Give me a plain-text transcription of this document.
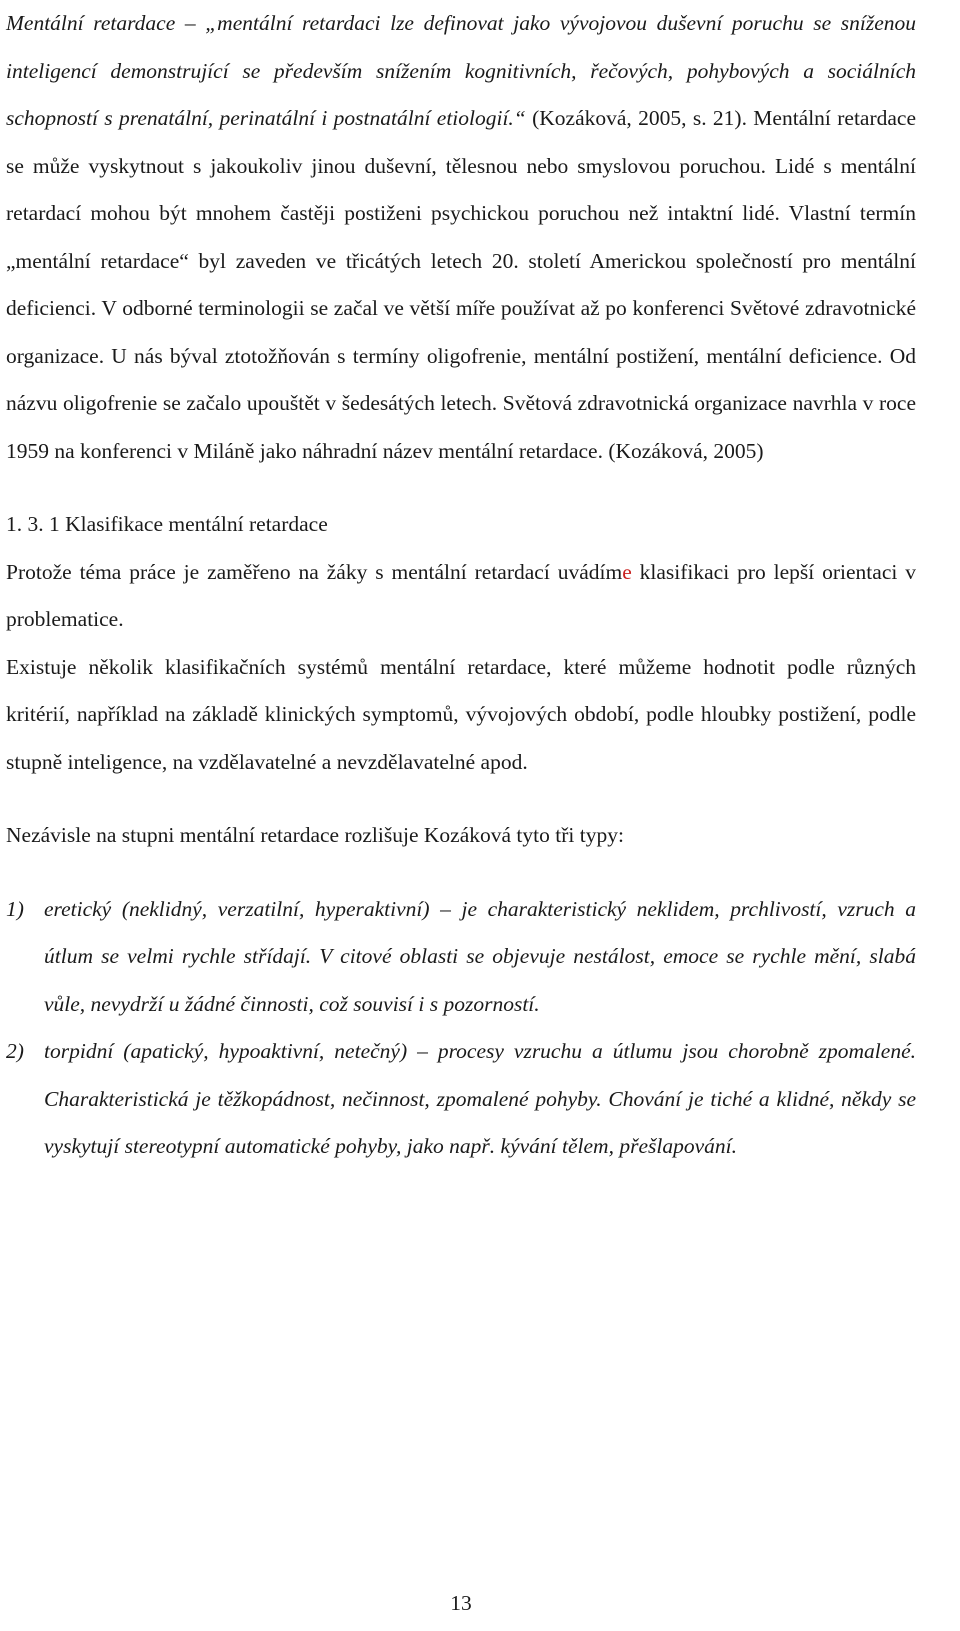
Mentální retardace – „mentální retardaci lze definovat jako vývojovou duševní poruchu se sníženou inteligencí demonstrující se především snížením kognitivních, řečových, pohybových a sociálních schopností s prenatální, perinatální i postnatální etiologií.“ (Kozáková, 2005, s. 21). Mentální retardace se může vyskytnout s jakoukoliv jinou duševní, tělesnou nebo smyslovou poruchou. Lidé s mentální retardací mohou být mnohem častěji postiženi psychickou poruchou než intaktní lidé. Vlastní termín „mentální retardace“ byl zaveden ve třicátých letech 20. století Americkou společností pro mentální deficienci. V odborné terminologii se začal ve větší míře používat až po konferenci Světové zdravotnické organizace. U nás býval ztotožňován s termíny oligofrenie, mentální postižení, mentální deficience. Od názvu oligofrenie se začalo upouštět v šedesátých letech. Světová zdravotnická organizace navrhla v roce 1959 na konferenci v Miláně jako náhradní název mentální retardace. (Kozáková, 2005)

1. 3. 1 Klasifikace mentální retardace

Protože téma práce je zaměřeno na žáky s mentální retardací uvádíme klasifikaci pro lepší orientaci v problematice.

Existuje několik klasifikačních systémů mentální retardace, které můžeme hodnotit podle různých kritérií, například na základě klinických symptomů, vývojových období, podle hloubky postižení, podle stupně inteligence, na vzdělavatelné a nevzdělavatelné apod.

Nezávisle na stupni mentální retardace rozlišuje Kozáková tyto tři typy:

1) eretický (neklidný, verzatilní, hyperaktivní) – je charakteristický neklidem, prchlivostí, vzruch a útlum se velmi rychle střídají. V citové oblasti se objevuje nestálost, emoce se rychle mění, slabá vůle, nevydrží u žádné činnosti, což souvisí i s pozorností.
2) torpidní (apatický, hypoaktivní, netečný) – procesy vzruchu a útlumu jsou chorobně zpomalené. Charakteristická je těžkopádnost, nečinnost, zpomalené pohyby. Chování je tiché a klidné, někdy se vyskytují stereotypní automatické pohyby, jako např. kývání tělem, přešlapování.
13
